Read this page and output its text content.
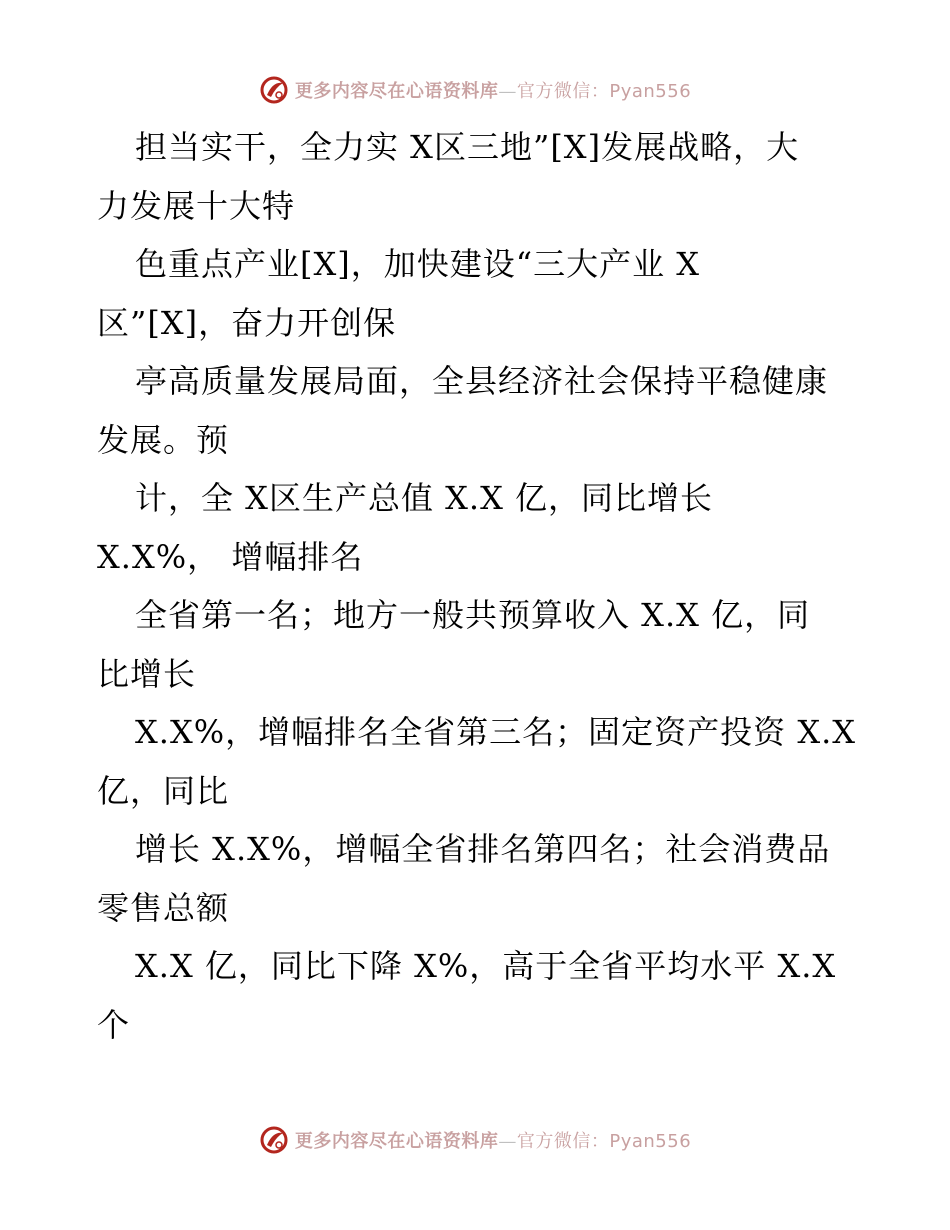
更多内容尽在心语资料库—官方微信：Pyan556
担当实干，全力实 X区三地”[X]发展战略，大
力发展十大特
色重点产业[X]，加快建设“三大产业 X
区”[X]，奋力开创保
亭高质量发展局面，全县经济社会保持平稳健康
发展。预
计，全 X区生产总值 X.X 亿，同比增长
X.X%， 增幅排名
全省第一名；地方一般共预算收入 X.X 亿，同
比增长
X.X%，增幅排名全省第三名；固定资产投资 X.X
亿，同比
增长 X.X%，增幅全省排名第四名；社会消费品
零售总额
X.X 亿，同比下降 X%，高于全省平均水平 X.X
个
更多内容尽在心语资料库—官方微信：Pyan556
